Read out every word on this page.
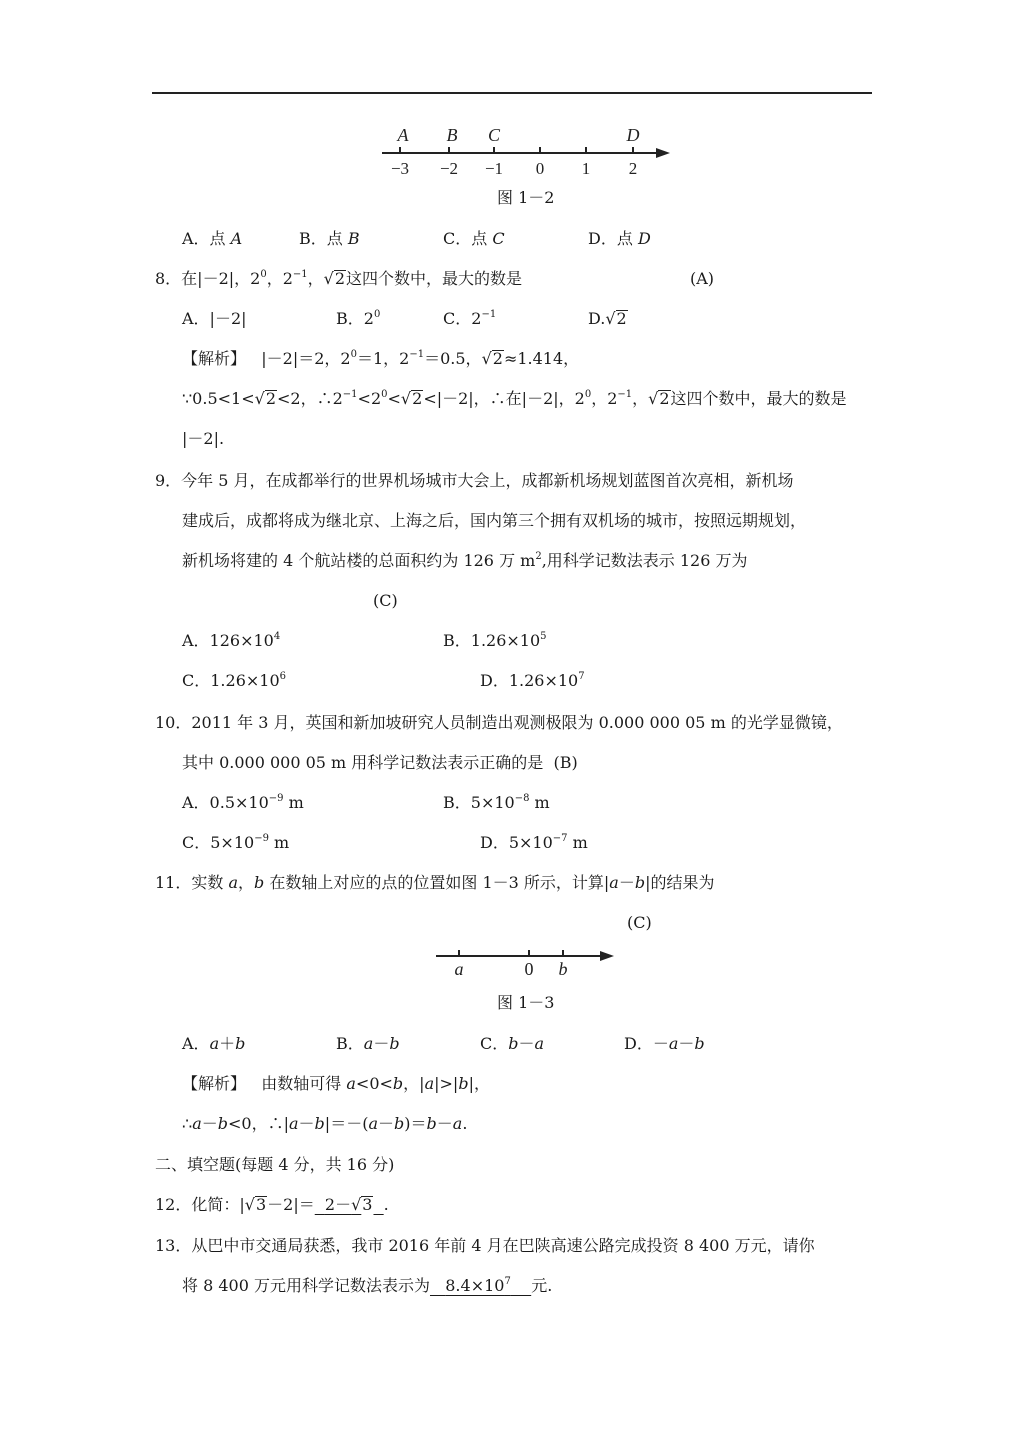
A B C	D
−3 −2 −1 0 1 2
图 1－2
A．点 A	B．点 B	C．点 C	D．点 D
8．在|－2|，$2^0$，$2^{-1}$，√2这四个数中，最大的数是	(A)
A．|－2|	B．$2^0$	C．$2^{-1}$	D.√2
【解析】 |－2|＝2，$2^0=1$，$2^{-1}=0.5$，√2≈1.414，
∵0.5<1<√2<2，$\therefore 2^{-1}<2^0<√2<|-2|$，∴在|－2|，$2^0$，$2^{-1}$，√2这四个数中，最大的数是
|－2|.
9．今年 5 月，在成都举行的世界机场城市大会上，成都新机场规划蓝图首次亮相，新机场
建成后，成都将成为继北京、上海之后，国内第三个拥有双机场的城市，按照远期规划，
新机场将建的 4 个航站楼的总面积约为 126 万 $m^2$,用科学记数法表示 126 万为
(C)
A．$126\times 10^4$	B．$1.26\times 10^5$
C．$1.26\times 10^6$	D．$1.26\times 10^7$
10．2011 年 3 月，英国和新加坡研究人员制造出观测极限为 0.000 000 05 m 的光学显微镜，
其中 0.000 000 05 m 用科学记数法表示正确的是 (B)
A．$0.5\times 10^{-9}$ m	B．$5\times 10^{-8}$ m
C．$5\times 10^{-9}$ m	D．$5\times 10^{-7}$ m
11．实数 a，b 在数轴上对应的点的位置如图 1－3 所示，计算|a－b|的结果为
(C)
a	0 b
图 1－3
A．a＋b	B．a－b	C．b－a	D．－a－b
【解析】 由数轴可得 a<0<b，|a|>|b|，
∴a－b<0，∴|a－b|＝－(a－b)＝b－a.
二、填空题(每题 4 分，共 16 分)
12．化简：|√3－2|＝ 2－√3 .
13．从巴中市交通局获悉，我市 2016 年前 4 月在巴陕高速公路完成投资 8 400 万元，请你
将 8 400 万元用科学记数法表示为 $8.4\times 10^7$ 元.
